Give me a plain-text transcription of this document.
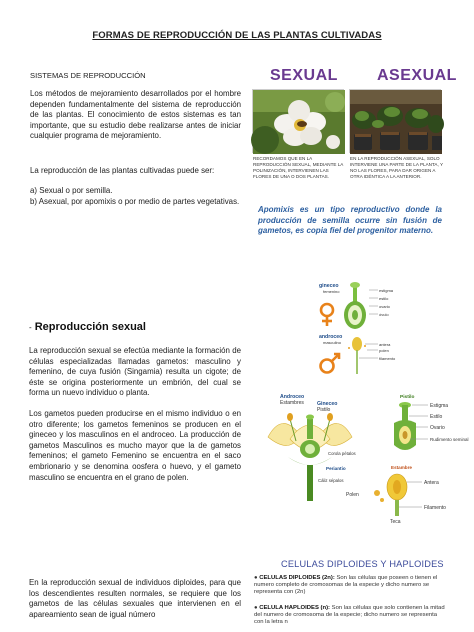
FORMAS DE REPRODUCCIÓN DE LAS PLANTAS CULTIVADAS
SISTEMAS DE REPRODUCCIÓN
Los métodos de mejoramiento desarrollados por el hombre dependen fundamentalmente del sistema de reproducción de las plantas. El conocimiento de estos sistemas es tan importante, que su estudio debe realizarse antes de iniciar cualquier programa de mejoramiento.
La reproducción de las plantas cultivadas puede ser:
a) Sexual o por semilla.
b) Asexual, por apomixis o por medio de partes vegetativas.
SEXUAL ASEXUAL
RECORDAMOS QUE EN LA REPRODUCCIÓN SEXUAL, MEDIANTE LA POLINIZACIÓN, INTERVIENEN LAS FLORES DE UNA O DOS PLANTAS.
EN LA REPRODUCCIÓN ASEXUAL, SOLO INTERVIENE UNA PARTE DE LA PLANTA, Y NO LAS FLORES, PARA DAR ORIGEN A OTRA IDÉNTICA A LA ANTERIOR.
Apomixis es un tipo reproductivo donde la producción de semilla ocurre sin fusión de gametos, es copia fiel del progenitor materno.
gineceo
femenino	estigma
estilo
ovario
óvulo
androceo
masculino	antera
polen
filamento
- Reproducción sexual
La reproducción sexual se efectúa mediante la formación de células especializadas llamadas gametos: masculino y femenino, de cuya fusión (Singamia) resulta un cigote; de éste se origina posteriormente un embrión, del cual se forma un nuevo individuo o planta.
Los gametos pueden producirse en el mismo individuo o en otro diferente; los gametos femeninos se producen en el gineceo y los masculinos en el androceo. La producción de gametos Masculinos es mucho mayor que la de gametos femeninos; el gameto Femenino se encuentra en el saco embrionario y se denomina oosfera o huevo, y el gameto masculino se encuentra en el grano de polen.
Androceo
Estambres	Gineceo
Pistilo
Corola pétalos
Periantio
Cáliz sépalos
Pistilo
Estigma
Estilo
Ovario
Rudimento seminal
Estambre
Antera
Polen
Filamento
Teca
CELULAS DIPLOIDES Y HAPLOIDES
● CELULAS DIPLOIDES (2n): Son las células que poseen o tienen el numero completo de cromosomas de la especie y dicho numero se representa con (2n)
● CELULA HAPLOIDES (n): Son las células que solo contienen la mitad del numero de cromosoma de la especie; dicho numero se representa con la letra n
En la reproducción sexual de individuos diploides, para que los descendientes resulten normales, se requiere que los gametos de las células sexuales que intervienen en el apareamiento sean de igual número
